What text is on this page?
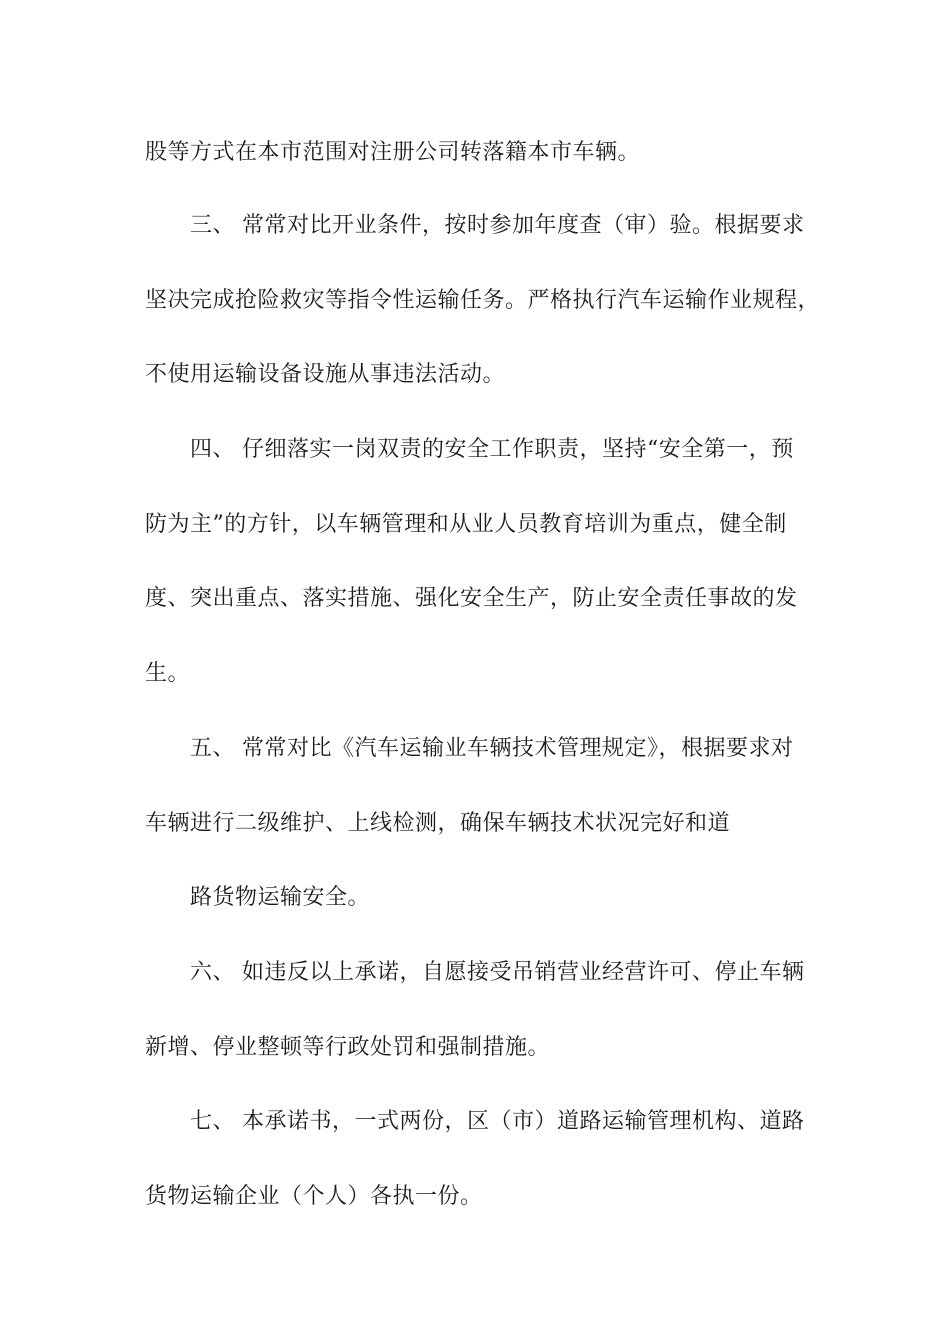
股等方式在本市范围对注册公司转落籍本市车辆。
三、 常常对比开业条件，按时参加年度查（审）验。根据要求
坚决完成抢险救灾等指令性运输任务。严格执行汽车运输作业规程，
不使用运输设备设施从事违法活动。
四、 仔细落实一岗双责的安全工作职责，坚持“安全第一，预
防为主”的方针，以车辆管理和从业人员教育培训为重点，健全制
度、突出重点、落实措施、强化安全生产，防止安全责任事故的发
生。
五、 常常对比《汽车运输业车辆技术管理规定》，根据要求对
车辆进行二级维护、上线检测，确保车辆技术状况完好和道
路货物运输安全。
六、 如违反以上承诺，自愿接受吊销营业经营许可、停止车辆
新增、停业整顿等行政处罚和强制措施。
七、 本承诺书，一式两份，区（市）道路运输管理机构、道路
货物运输企业（个人）各执一份。
